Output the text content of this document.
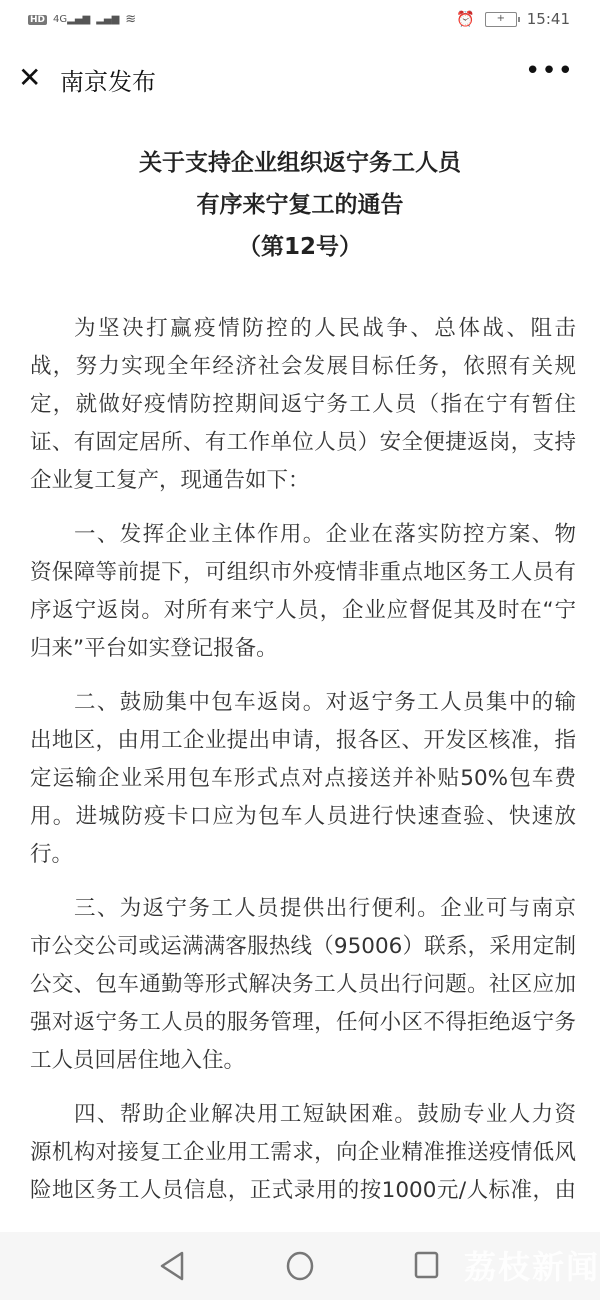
HD 4G▂▄▆ ▂▄▆ ≋	⏰	+	15:41
✕ 南京发布	•••
关于支持企业组织返宁务工人员
有序来宁复工的通告
（第12号）
为坚决打赢疫情防控的人民战争、总体战、阻击
战，努力实现全年经济社会发展目标任务，依照有关规
定，就做好疫情防控期间返宁务工人员（指在宁有暂住
证、有固定居所、有工作单位人员）安全便捷返岗，支持
企业复工复产，现通告如下：
一、发挥企业主体作用。企业在落实防控方案、物
资保障等前提下，可组织市外疫情非重点地区务工人员有
序返宁返岗。对所有来宁人员，企业应督促其及时在“宁
归来”平台如实登记报备。
二、鼓励集中包车返岗。对返宁务工人员集中的输
出地区，由用工企业提出申请，报各区、开发区核准，指
定运输企业采用包车形式点对点接送并补贴50%包车费
用。进城防疫卡口应为包车人员进行快速查验、快速放
行。
三、为返宁务工人员提供出行便利。企业可与南京
市公交公司或运满满客服热线（95006）联系，采用定制
公交、包车通勤等形式解决务工人员出行问题。社区应加
强对返宁务工人员的服务管理，任何小区不得拒绝返宁务
工人员回居住地入住。
四、帮助企业解决用工短缺困难。鼓励专业人力资
源机构对接复工企业用工需求，向企业精准推送疫情低风
险地区务工人员信息，正式录用的按1000元/人标准，由
荔枝新闻
